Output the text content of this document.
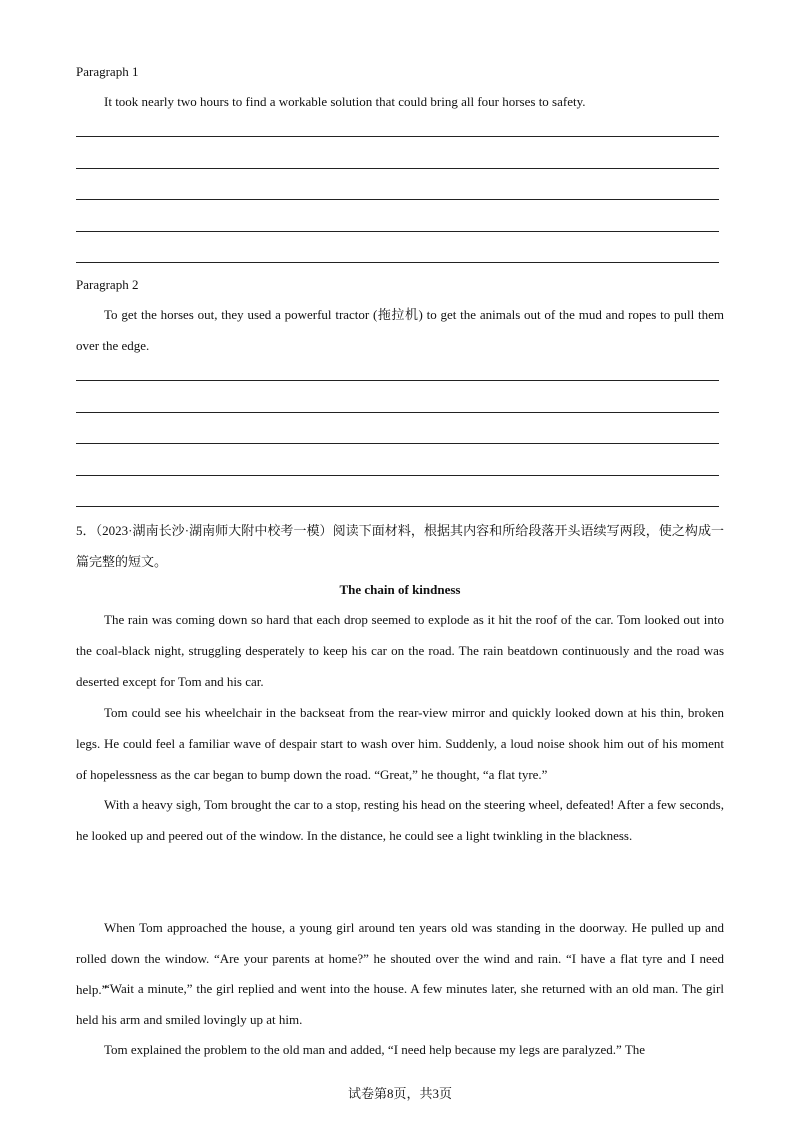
Paragraph 1
It took nearly two hours to find a workable solution that could bring all four horses to safety.
Paragraph 2
To get the horses out, they used a powerful tractor (拖拉机) to get the animals out of the mud and ropes to pull them over the edge.
5．（2023·湖南长沙·湖南师大附中校考一模）阅读下面材料，根据其内容和所给段落开头语续写两段，使之构成一篇完整的短文。
The chain of kindness
The rain was coming down so hard that each drop seemed to explode as it hit the roof of the car. Tom looked out into the coal-black night, struggling desperately to keep his car on the road. The rain beatdown continuously and the road was deserted except for Tom and his car.
Tom could see his wheelchair in the backseat from the rear-view mirror and quickly looked down at his thin, broken legs. He could feel a familiar wave of despair start to wash over him. Suddenly, a loud noise shook him out of his moment of hopelessness as the car began to bump down the road. “Great,” he thought, “a flat tyre.”
With a heavy sigh, Tom brought the car to a stop, resting his head on the steering wheel, defeated! After a few seconds, he looked up and peered out of the window. In the distance, he could see a light twinkling in the blackness.
When Tom approached the house, a young girl around ten years old was standing in the doorway. He pulled up and rolled down the window. “Are your parents at home?” he shouted over the wind and rain. “I have a flat tyre and I need help.”
“Wait a minute,” the girl replied and went into the house. A few minutes later, she returned with an old man. The girl held his arm and smiled lovingly up at him.
Tom explained the problem to the old man and added, “I need help because my legs are paralyzed.” The
试卷第8页，共3页
